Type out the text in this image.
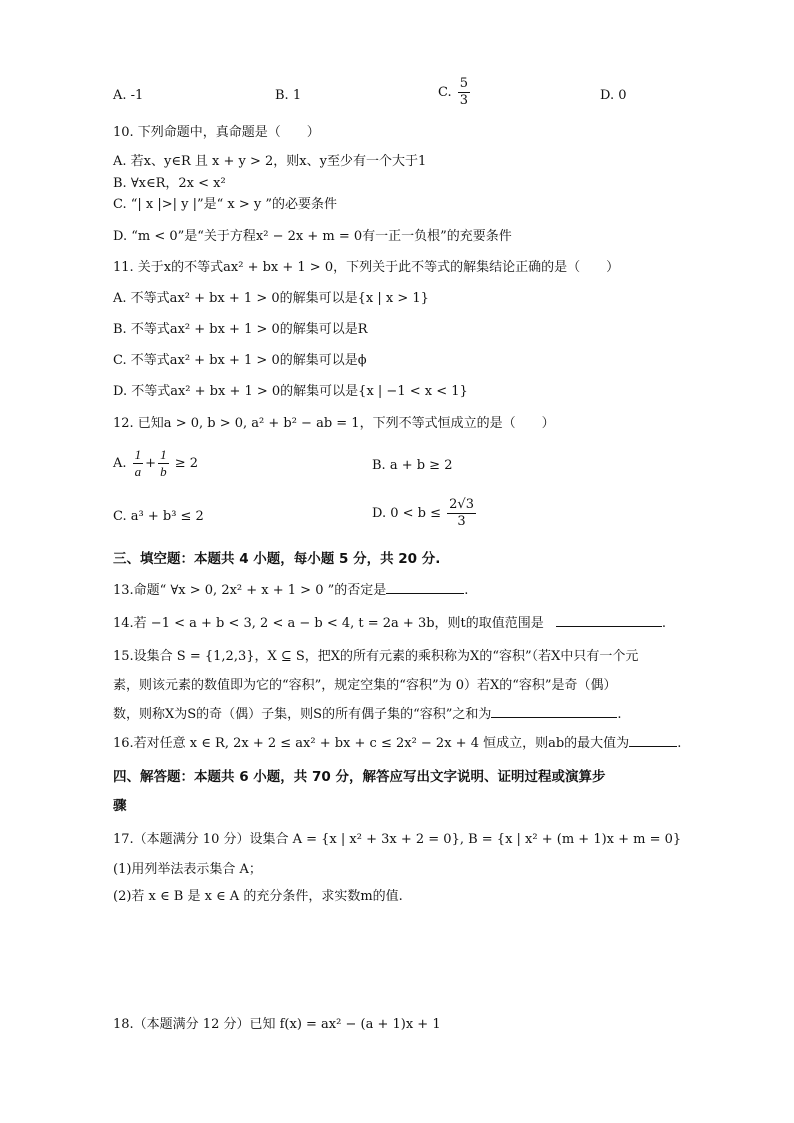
A. -1	B. 1	C. $\frac{5}{3}$	D. 0
10. 下列命题中，真命题是（　　）
A. 若x、y∈R 且 x + y > 2，则x、y至少有一个大于1
B. ∀x∈R，2x < x²
C. “| x |>| y |”是“ x > y ”的必要条件
D. “m < 0”是“关于方程x² − 2x + m = 0有一正一负根”的充要条件
11. 关于x的不等式ax² + bx + 1 > 0，下列关于此不等式的解集结论正确的是（　　）
A. 不等式ax² + bx + 1 > 0的解集可以是{x | x > 1}
B. 不等式ax² + bx + 1 > 0的解集可以是R
C. 不等式ax² + bx + 1 > 0的解集可以是ϕ
D. 不等式ax² + bx + 1 > 0的解集可以是{x | −1 < x < 1}
12. 已知a > 0, b > 0, a² + b² − ab = 1，下列不等式恒成立的是（　　）
A. $\frac{1}{a} + \frac{1}{b} \ge 2$	B. a + b ≥ 2
C. a³ + b³ ≤ 2	D. $0 < b \le \frac{2√3}{3}$
三、填空题：本题共 4 小题，每小题 5 分，共 20 分.
13.命题“ ∀x > 0, 2x² + x + 1 > 0 ”的否定是	.
14.若 −1 < a + b < 3, 2 < a − b < 4, t = 2a + 3b，则t的取值范围是	.
15.设集合 S = {1,2,3}，X ⊆ S，把X的所有元素的乘积称为X的“容积”（若X中只有一个元
素，则该元素的数值即为它的“容积”，规定空集的“容积”为 0）若X的“容积”是奇（偶）
数，则称X为S的奇（偶）子集，则S的所有偶子集的“容积”之和为	.
16.若对任意 x ∈ R, 2x + 2 ≤ ax² + bx + c ≤ 2x² − 2x + 4 恒成立，则ab的最大值为	.
四、解答题：本题共 6 小题，共 70 分，解答应写出文字说明、证明过程或演算步
骤
17.（本题满分 10 分）设集合 A = {x | x² + 3x + 2 = 0}, B = {x | x² + (m + 1)x + m = 0}
(1)用列举法表示集合 A；
(2)若 x ∈ B 是 x ∈ A 的充分条件，求实数m的值.
18.（本题满分 12 分）已知 f(x) = ax² − (a + 1)x + 1
